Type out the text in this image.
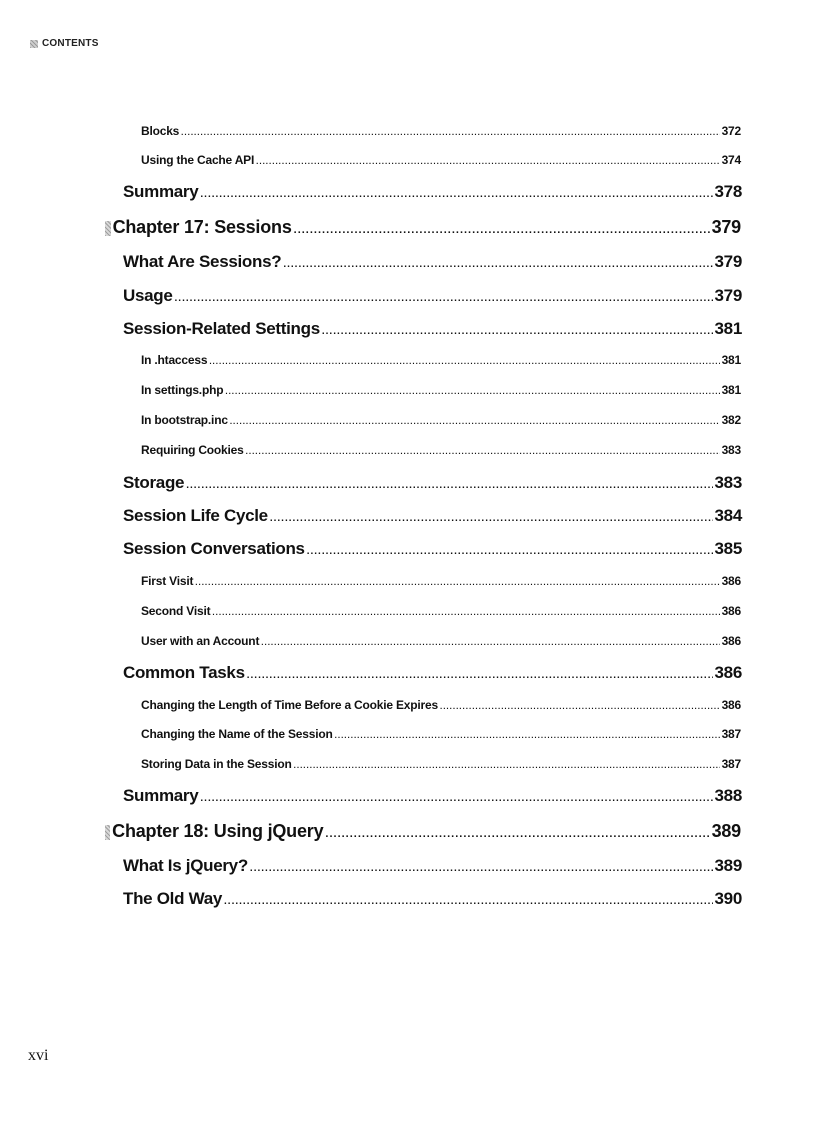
CONTENTS
Blocks .....	372
Using the Cache API .....	374
Summary .....	378
Chapter 17: Sessions .....	379
What Are Sessions? .....	379
Usage .....	379
Session-Related Settings .....	381
In .htaccess .....	381
In settings.php .....	381
In bootstrap.inc .....	382
Requiring Cookies .....	383
Storage .....	383
Session Life Cycle .....	384
Session Conversations .....	385
First Visit .....	386
Second Visit .....	386
User with an Account .....	386
Common Tasks .....	386
Changing the Length of Time Before a Cookie Expires .....	386
Changing the Name of the Session .....	387
Storing Data in the Session .....	387
Summary .....	388
Chapter 18: Using jQuery .....	389
What Is jQuery? .....	389
The Old Way .....	390
xvi
